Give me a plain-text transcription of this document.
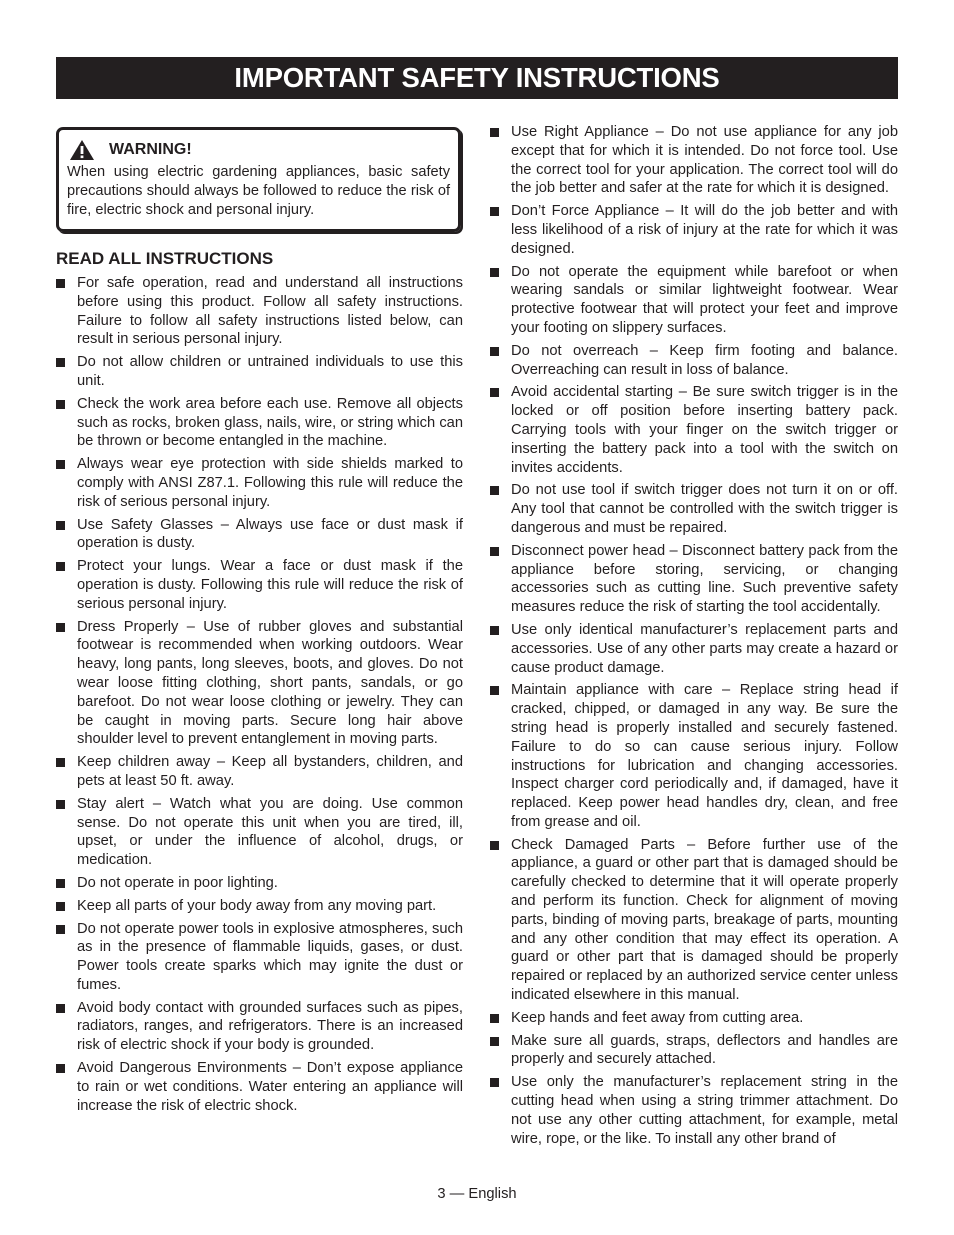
IMPORTANT SAFETY INSTRUCTIONS
WARNING!
When using electric gardening appliances, basic safety precautions should always be followed to reduce the risk of fire, electric shock and personal injury.
READ ALL INSTRUCTIONS
For safe operation, read and understand all instructions before using this product. Follow all safety instructions. Failure to follow all safety instructions listed below, can result in serious personal injury.
Do not allow children or untrained individuals to use this unit.
Check the work area before each use. Remove all objects such as rocks, broken glass, nails, wire, or string which can be thrown or become entangled in the machine.
Always wear eye protection with side shields marked to comply with ANSI Z87.1. Following this rule will reduce the risk of serious personal injury.
Use Safety Glasses – Always use face or dust mask if operation is dusty.
Protect your lungs. Wear a face or dust mask if the operation is dusty. Following this rule will reduce the risk of serious personal injury.
Dress Properly – Use of rubber gloves and substantial footwear is recommended when working outdoors. Wear heavy, long pants, long sleeves, boots, and gloves. Do not wear loose fitting clothing, short pants, sandals, or go barefoot. Do not wear loose clothing or jewelry. They can be caught in moving parts. Secure long hair above shoulder level to prevent entanglement in moving parts.
Keep children away – Keep all bystanders, children, and pets at least 50 ft. away.
Stay alert – Watch what you are doing. Use common sense. Do not operate this unit when you are tired, ill, upset, or under the influence of alcohol, drugs, or medication.
Do not operate in poor lighting.
Keep all parts of your body away from any moving part.
Do not operate power tools in explosive atmospheres, such as in the presence of flammable liquids, gases, or dust. Power tools create sparks which may ignite the dust or fumes.
Avoid body contact with grounded surfaces such as pipes, radiators, ranges, and refrigerators. There is an increased risk of electric shock if your body is grounded.
Avoid Dangerous Environments – Don’t expose appliance to rain or wet conditions. Water entering an appliance will increase the risk of electric shock.
Use Right Appliance – Do not use appliance for any job except that for which it is intended. Do not force tool. Use the correct tool for your application. The correct tool will do the job better and safer at the rate for which it is designed.
Don’t Force Appliance – It will do the job better and with less likelihood of a risk of injury at the rate for which it was designed.
Do not operate the equipment while barefoot or when wearing sandals or similar lightweight footwear. Wear protective footwear that will protect your feet and improve your footing on slippery surfaces.
Do not overreach – Keep firm footing and balance. Overreaching can result in loss of balance.
Avoid accidental starting – Be sure switch trigger is in the locked or off position before inserting battery pack. Carrying tools with your finger on the switch trigger or inserting the battery pack into a tool with the switch on invites accidents.
Do not use tool if switch trigger does not turn it on or off. Any tool that cannot be controlled with the switch trigger is dangerous and must be repaired.
Disconnect power head – Disconnect battery pack from the appliance before storing, servicing, or changing accessories such as cutting line. Such preventive safety measures reduce the risk of starting the tool accidentally.
Use only identical manufacturer’s replacement parts and accessories. Use of any other parts may create a hazard or cause product damage.
Maintain appliance with care – Replace string head if cracked, chipped, or damaged in any way. Be sure the string head is properly installed and securely fastened. Failure to do so can cause serious injury. Follow instructions for lubrication and changing accessories. Inspect charger cord periodically and, if damaged, have it replaced. Keep power head handles dry, clean, and free from grease and oil.
Check Damaged Parts – Before further use of the appliance, a guard or other part that is damaged should be carefully checked to determine that it will operate properly and perform its function. Check for alignment of moving parts, binding of moving parts, breakage of parts, mounting and any other condition that may effect its operation. A guard or other part that is damaged should be properly repaired or replaced by an authorized service center unless indicated elsewhere in this manual.
Keep hands and feet away from cutting area.
Make sure all guards, straps, deflectors and handles are properly and securely attached.
Use only the manufacturer’s replacement string in the cutting head when using a string trimmer attachment. Do not use any other cutting attachment, for example, metal wire, rope, or the like. To install any other brand of
3 — English
